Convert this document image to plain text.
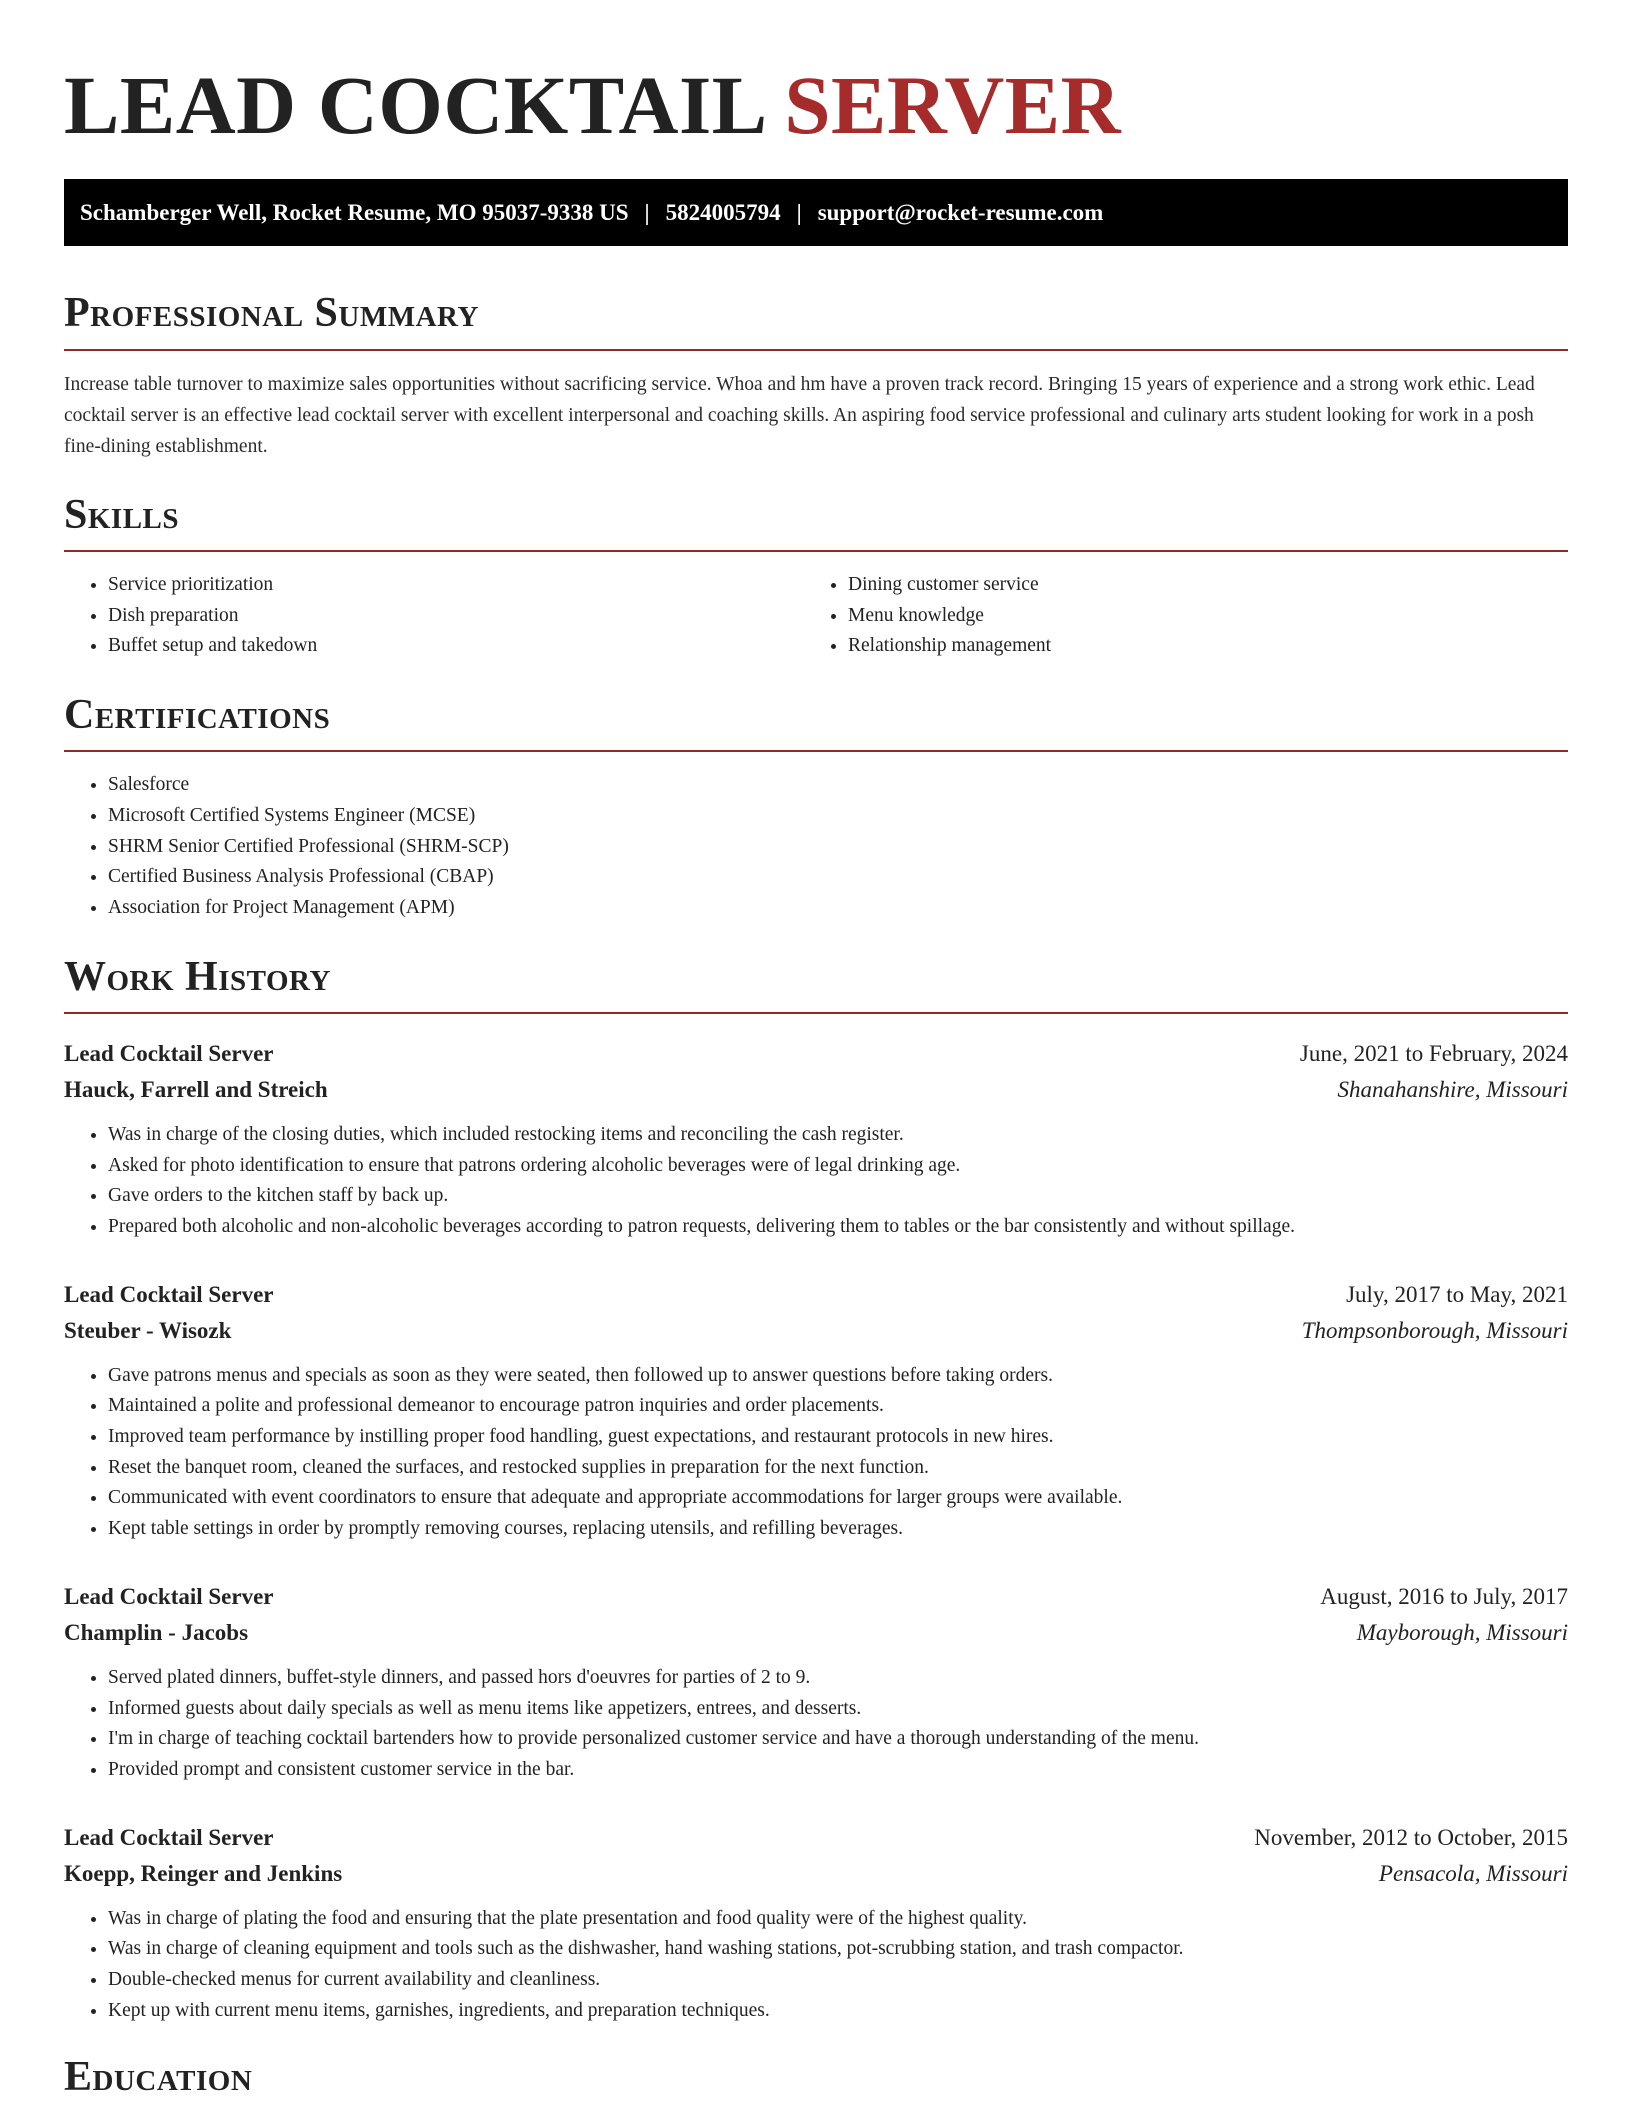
LEAD COCKTAIL SERVER
Schamberger Well, Rocket Resume, MO 95037-9338 US | 5824005794 | support@rocket-resume.com
Professional Summary
Increase table turnover to maximize sales opportunities without sacrificing service. Whoa and hm have a proven track record. Bringing 15 years of experience and a strong work ethic. Lead cocktail server is an effective lead cocktail server with excellent interpersonal and coaching skills. An aspiring food service professional and culinary arts student looking for work in a posh fine-dining establishment.
Skills
• Service prioritization
• Dish preparation
• Buffet setup and takedown
• Dining customer service
• Menu knowledge
• Relationship management
Certifications
• Salesforce
• Microsoft Certified Systems Engineer (MCSE)
• SHRM Senior Certified Professional (SHRM-SCP)
• Certified Business Analysis Professional (CBAP)
• Association for Project Management (APM)
Work History
Lead Cocktail Server	June, 2021 to February, 2024
Hauck, Farrell and Streich	Shanahanshire, Missouri
• Was in charge of the closing duties, which included restocking items and reconciling the cash register.
• Asked for photo identification to ensure that patrons ordering alcoholic beverages were of legal drinking age.
• Gave orders to the kitchen staff by back up.
• Prepared both alcoholic and non-alcoholic beverages according to patron requests, delivering them to tables or the bar consistently and without spillage.
Lead Cocktail Server	July, 2017 to May, 2021
Steuber - Wisozk	Thompsonborough, Missouri
• Gave patrons menus and specials as soon as they were seated, then followed up to answer questions before taking orders.
• Maintained a polite and professional demeanor to encourage patron inquiries and order placements.
• Improved team performance by instilling proper food handling, guest expectations, and restaurant protocols in new hires.
• Reset the banquet room, cleaned the surfaces, and restocked supplies in preparation for the next function.
• Communicated with event coordinators to ensure that adequate and appropriate accommodations for larger groups were available.
• Kept table settings in order by promptly removing courses, replacing utensils, and refilling beverages.
Lead Cocktail Server	August, 2016 to July, 2017
Champlin - Jacobs	Mayborough, Missouri
• Served plated dinners, buffet-style dinners, and passed hors d'oeuvres for parties of 2 to 9.
• Informed guests about daily specials as well as menu items like appetizers, entrees, and desserts.
• I'm in charge of teaching cocktail bartenders how to provide personalized customer service and have a thorough understanding of the menu.
• Provided prompt and consistent customer service in the bar.
Lead Cocktail Server	November, 2012 to October, 2015
Koepp, Reinger and Jenkins	Pensacola, Missouri
• Was in charge of plating the food and ensuring that the plate presentation and food quality were of the highest quality.
• Was in charge of cleaning equipment and tools such as the dishwasher, hand washing stations, pot-scrubbing station, and trash compactor.
• Double-checked menus for current availability and cleanliness.
• Kept up with current menu items, garnishes, ingredients, and preparation techniques.
Education
